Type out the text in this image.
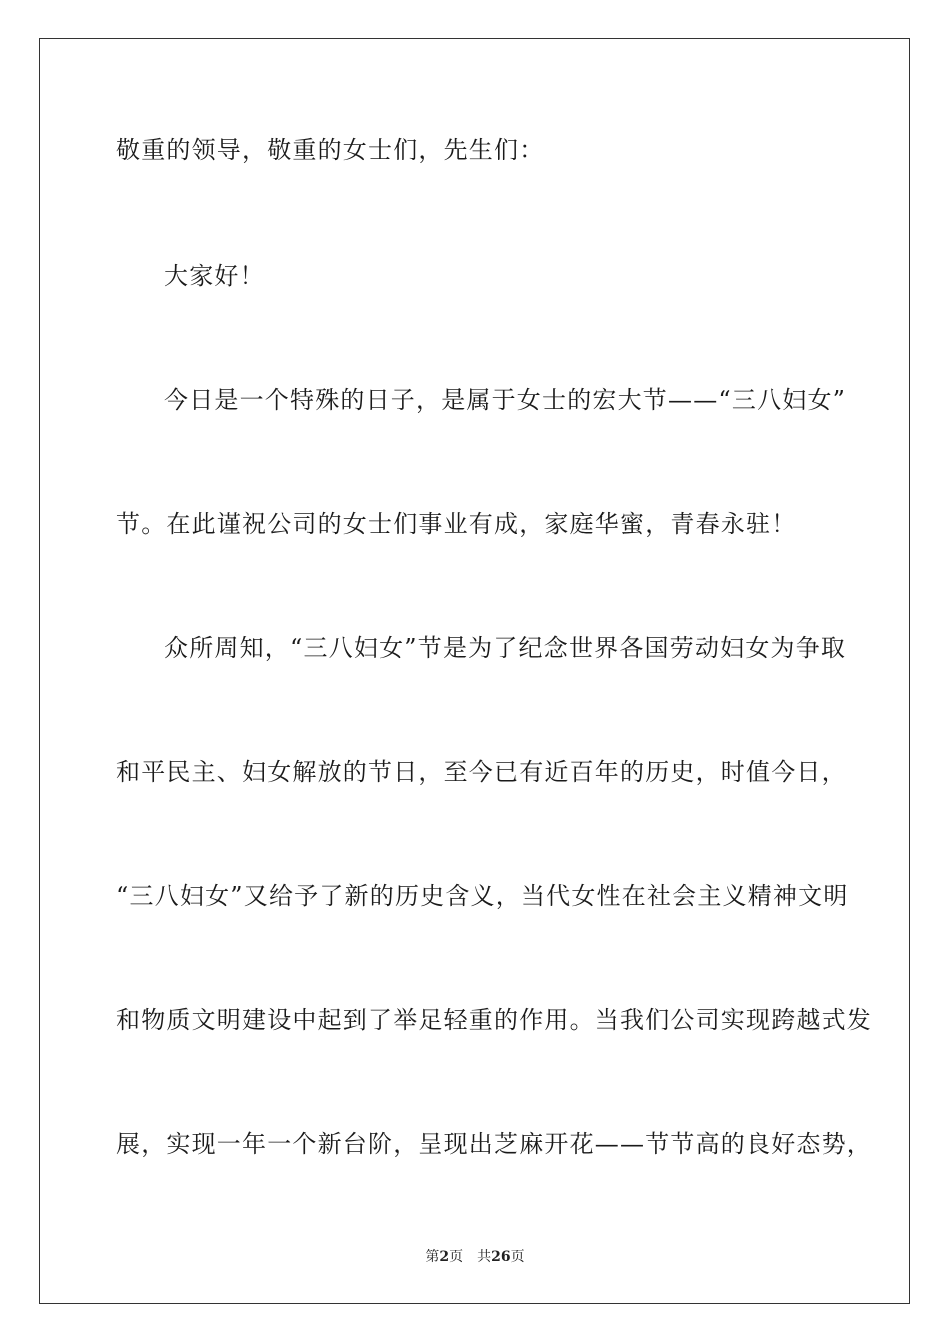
敬重的领导，敬重的女士们，先生们：
大家好！
今日是一个特殊的日子，是属于女士的宏大节——“三八妇女”
节。在此谨祝公司的女士们事业有成，家庭华蜜，青春永驻！
众所周知，“三八妇女”节是为了纪念世界各国劳动妇女为争取
和平民主、妇女解放的节日，至今已有近百年的历史，时值今日，
“三八妇女”又给予了新的历史含义，当代女性在社会主义精神文明
和物质文明建设中起到了举足轻重的作用。当我们公司实现跨越式发
展，实现一年一个新台阶，呈现出芝麻开花——节节高的良好态势，
第2页 共26页
